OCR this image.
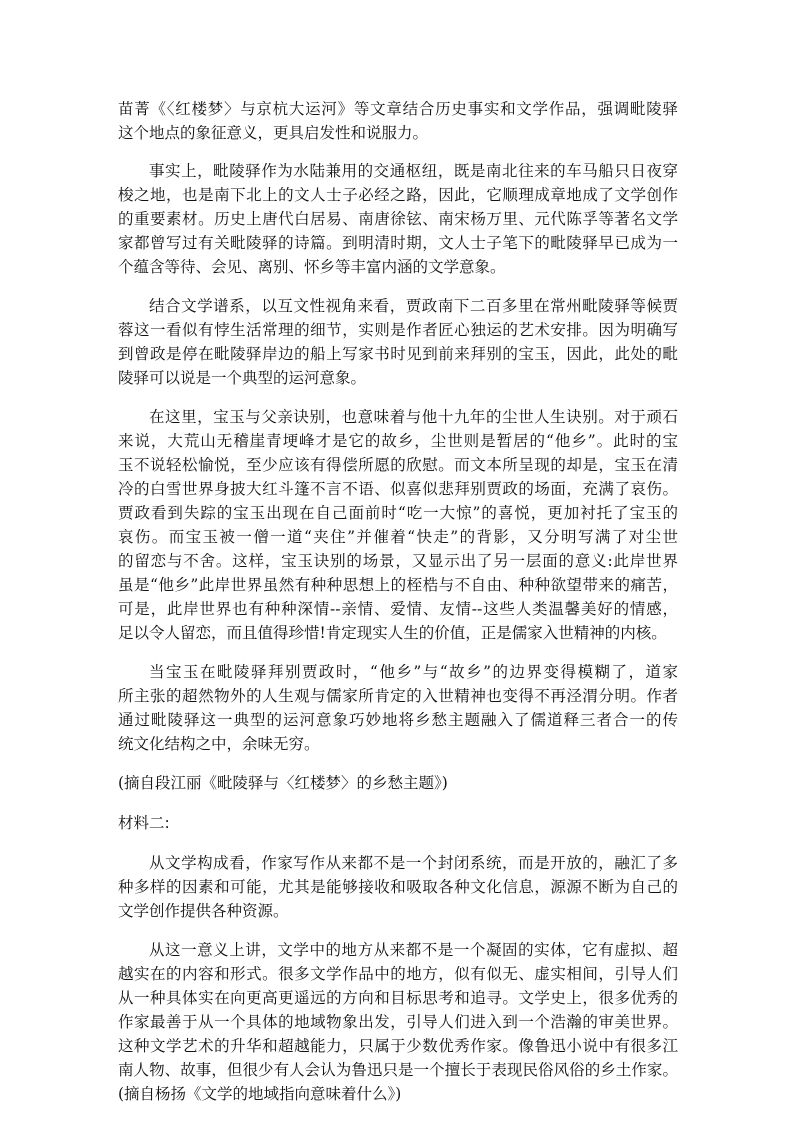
苗菁《〈红楼梦〉与京杭大运河》等文章结合历史事实和文学作品，强调毗陵驿
这个地点的象征意义，更具启发性和说服力。
事实上，毗陵驿作为水陆兼用的交通枢纽，既是南北往来的车马船只日夜穿
梭之地，也是南下北上的文人士子必经之路，因此，它顺理成章地成了文学创作
的重要素材。历史上唐代白居易、南唐徐铉、南宋杨万里、元代陈孚等著名文学
家都曾写过有关毗陵驿的诗篇。到明清时期，文人士子笔下的毗陵驿早已成为一
个蕴含等待、会见、离别、怀乡等丰富内涵的文学意象。
结合文学谱系，以互文性视角来看，贾政南下二百多里在常州毗陵驿等候贾
蓉这一看似有悖生活常理的细节，实则是作者匠心独运的艺术安排。因为明确写
到曾政是停在毗陵驿岸边的船上写家书时见到前来拜别的宝玉，因此，此处的毗
陵驿可以说是一个典型的运河意象。
在这里，宝玉与父亲诀别，也意味着与他十九年的尘世人生诀别。对于顽石
来说，大荒山无稽崖青埂峰才是它的故乡，尘世则是暂居的“他乡”。此时的宝
玉不说轻松愉悦，至少应该有得偿所愿的欣慰。而文本所呈现的却是，宝玉在清
冷的白雪世界身披大红斗篷不言不语、似喜似悲拜别贾政的场面，充满了哀伤。
贾政看到失踪的宝玉出现在自己面前时“吃一大惊”的喜悦，更加衬托了宝玉的
哀伤。而宝玉被一僧一道“夹住”并催着“快走”的背影，又分明写满了对尘世
的留恋与不舍。这样，宝玉诀别的场景，又显示出了另一层面的意义:此岸世界
虽是“他乡”此岸世界虽然有种种思想上的桎梏与不自由、种种欲望带来的痛苦，
可是，此岸世界也有种种深情--亲情、爱情、友情--这些人类温馨美好的情感，
足以令人留恋，而且值得珍惜!肯定现实人生的价值，正是儒家入世精神的内核。
当宝玉在毗陵驿拜别贾政时，“他乡”与“故乡”的边界变得模糊了，道家
所主张的超然物外的人生观与儒家所肯定的入世精神也变得不再泾渭分明。作者
通过毗陵驿这一典型的运河意象巧妙地将乡愁主题融入了儒道释三者合一的传
统文化结构之中，余味无穷。
(摘自段江丽《毗陵驿与〈红楼梦〉的乡愁主题》)
材料二:
从文学构成看，作家写作从来都不是一个封闭系统，而是开放的，融汇了多
种多样的因素和可能，尤其是能够接收和吸取各种文化信息，源源不断为自己的
文学创作提供各种资源。
从这一意义上讲，文学中的地方从来都不是一个凝固的实体，它有虚拟、超
越实在的内容和形式。很多文学作品中的地方，似有似无、虚实相间，引导人们
从一种具体实在向更高更遥远的方向和目标思考和追寻。文学史上，很多优秀的
作家最善于从一个具体的地域物象出发，引导人们进入到一个浩瀚的审美世界。
这种文学艺术的升华和超越能力，只属于少数优秀作家。像鲁迅小说中有很多江
南人物、故事，但很少有人会认为鲁迅只是一个擅长于表现民俗风俗的乡土作家。
(摘自杨扬《文学的地域指向意味着什么》)
